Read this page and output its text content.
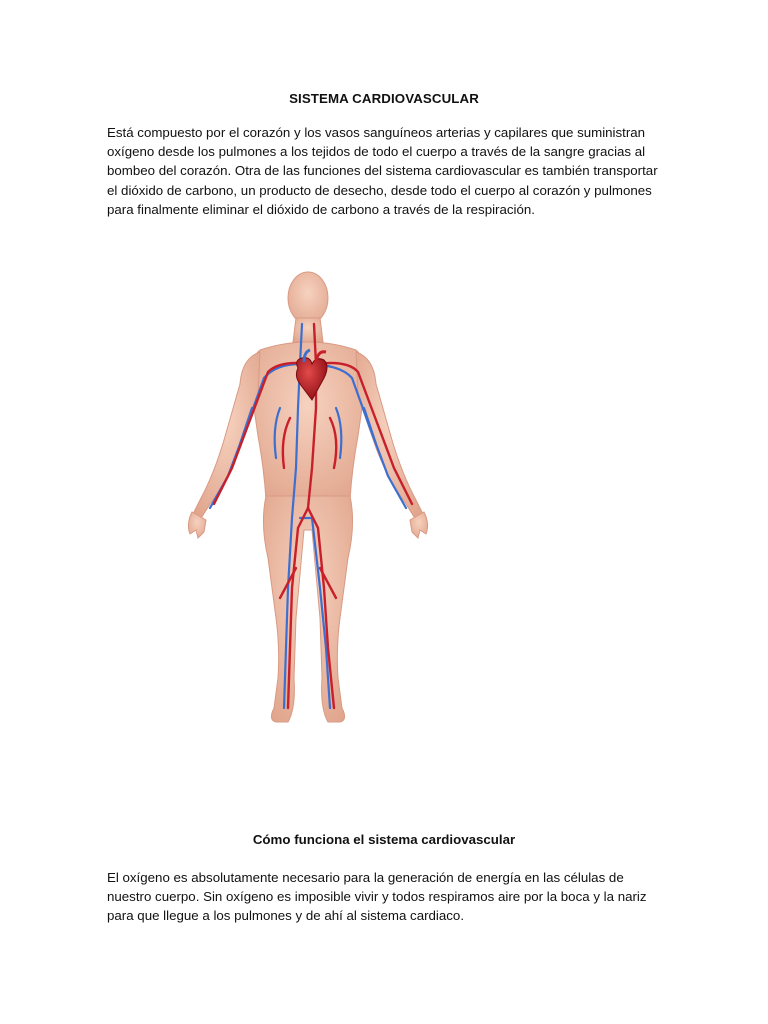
SISTEMA CARDIOVASCULAR

Está compuesto por el corazón y los vasos sanguíneos arterias y capilares que suministran oxígeno desde los pulmones a los tejidos de todo el cuerpo a través de la sangre gracias al bombeo del corazón. Otra de las funciones del sistema cardiovascular es también transportar el dióxido de carbono, un producto de desecho, desde todo el cuerpo al corazón y pulmones para finalmente eliminar el dióxido de carbono a través de la respiración.

Cómo funciona el sistema cardiovascular

El oxígeno es absolutamente necesario para la generación de energía en las células de nuestro cuerpo. Sin oxígeno es imposible vivir y todos respiramos aire por la boca y la nariz para que llegue a los pulmones y de ahí al sistema cardiaco.
